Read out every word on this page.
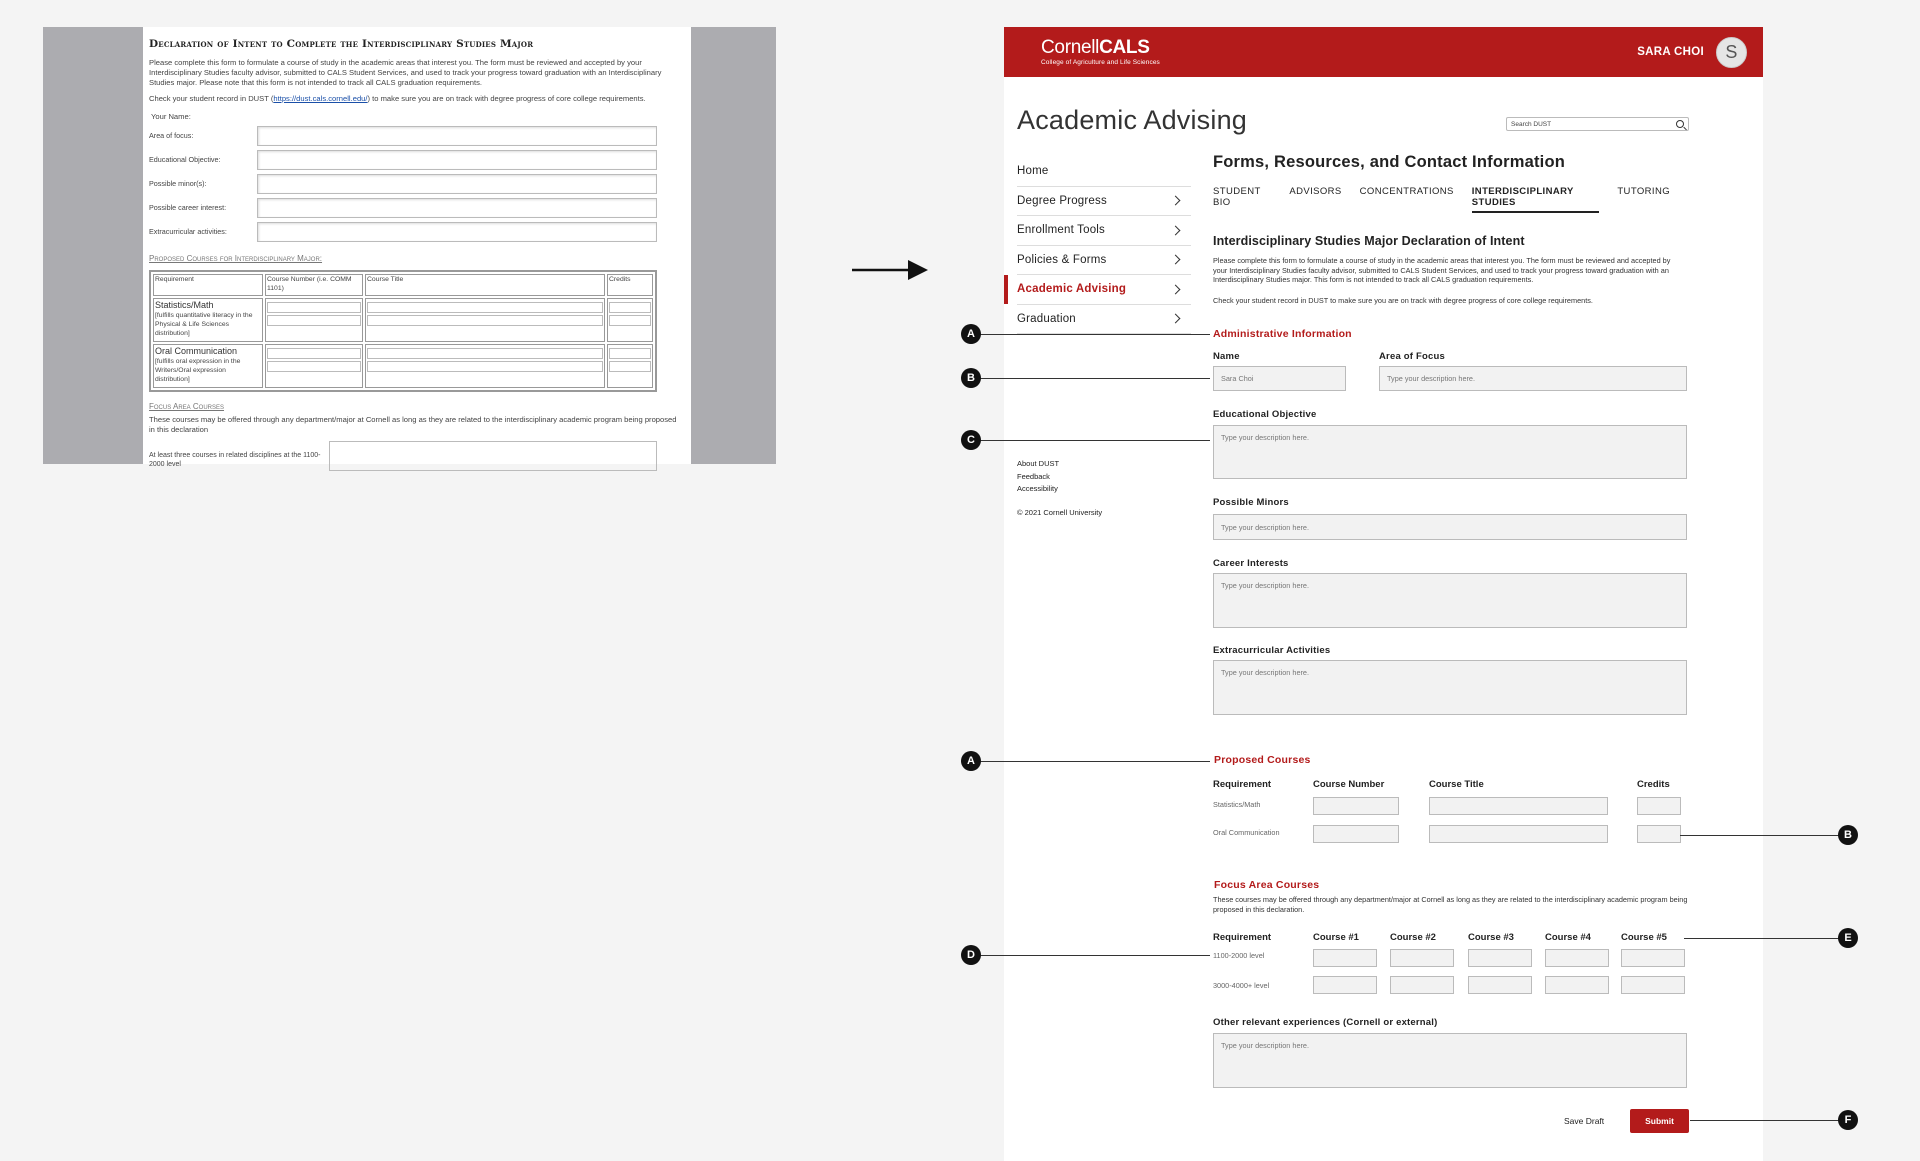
Declaration of Intent to Complete the Interdisciplinary Studies Major

Please complete this form to formulate a course of study in the academic areas that interest you. The form must be reviewed and accepted by your Interdisciplinary Studies faculty advisor, submitted to CALS Student Services, and used to track your progress toward graduation with an Interdisciplinary Studies major. Please note that this form is not intended to track all CALS graduation requirements.

Check your student record in DUST (https://dust.cals.cornell.edu/) to make sure you are on track with degree progress of core college requirements.

Your Name:
Area of focus:
Educational Objective:
Possible minor(s):
Possible career interest:
Extracurricular activities:
Proposed Courses for Interdisciplinary Major:
Requirement	Course Number (i.e. COMM 1101)	Course Title	Credits

Statistics/Math
[fulfills quantitative literacy in the Physical & Life Sciences distribution]			

Oral Communication
[fulfills oral expression in the Writers/Oral expression distribution]			

Focus Area Courses
These courses may be offered through any department/major at Cornell as long as they are related to the interdisciplinary academic program being proposed in this declaration
At least three courses in related disciplines at the 1100-2000 level
CornellCALS
College of Agriculture and Life Sciences
SARA CHOI	S
Academic Advising	Search DUST
Home
Degree Progress
Enrollment Tools
Policies & Forms
Academic Advising
Graduation
About DUST
Feedback
Accessibility
© 2021 Cornell University
Forms, Resources, and Contact Information
STUDENT BIO
ADVISORS CONCENTRATIONS INTERDISCIPLINARY STUDIES
TUTORING
Interdisciplinary Studies Major Declaration of Intent
Please complete this form to formulate a course of study in the academic areas that interest you. The form must be reviewed and accepted by your Interdisciplinary Studies faculty advisor, submitted to CALS Student Services, and used to track your progress toward graduation with an Interdisciplinary Studies major. This form is not intended to track all CALS graduation requirements.
Check your student record in DUST to make sure you are on track with degree progress of core college requirements.
Administrative Information
Name
Sara Choi
Area of Focus
Type your description here.
Educational Objective
Type your description here.
Possible Minors
Type your description here.
Career Interests
Type your description here.
Extracurricular Activities
Type your description here.
Proposed Courses
Requirement	Course Number	Course Title	Credits
Statistics/Math
Oral Communication
Focus Area Courses
These courses may be offered through any department/major at Cornell as long as they are related to the interdisciplinary academic program being proposed in this declaration.
Requirement	Course #1	Course #2	Course #3	Course #4	Course #5
1100-2000 level
3000-4000+ level
Other relevant experiences (Cornell or external)
Type your description here.
Save Draft	Submit
A
B
C
A
B
D
E
F
